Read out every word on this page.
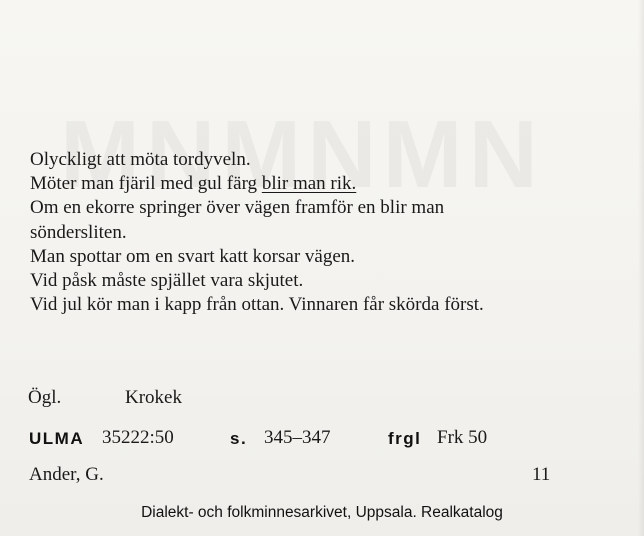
Olyckligt att möta tordyveln.
Möter man fjäril med gul färg blir man rik.
Om en ekorre springer över vägen framför en blir man
söndersliten.
Man spottar om en svart katt korsar vägen.
Vid påsk måste spjället vara skjutet.
Vid jul kör man i kapp från ottan. Vinnaren får skörda först.
Ögl.	Krokek
ULMA 35222:50	s. 345–347	frgl Frk 50
Ander, G.	11
Dialekt- och folkminnesarkivet, Uppsala. Realkatalog
